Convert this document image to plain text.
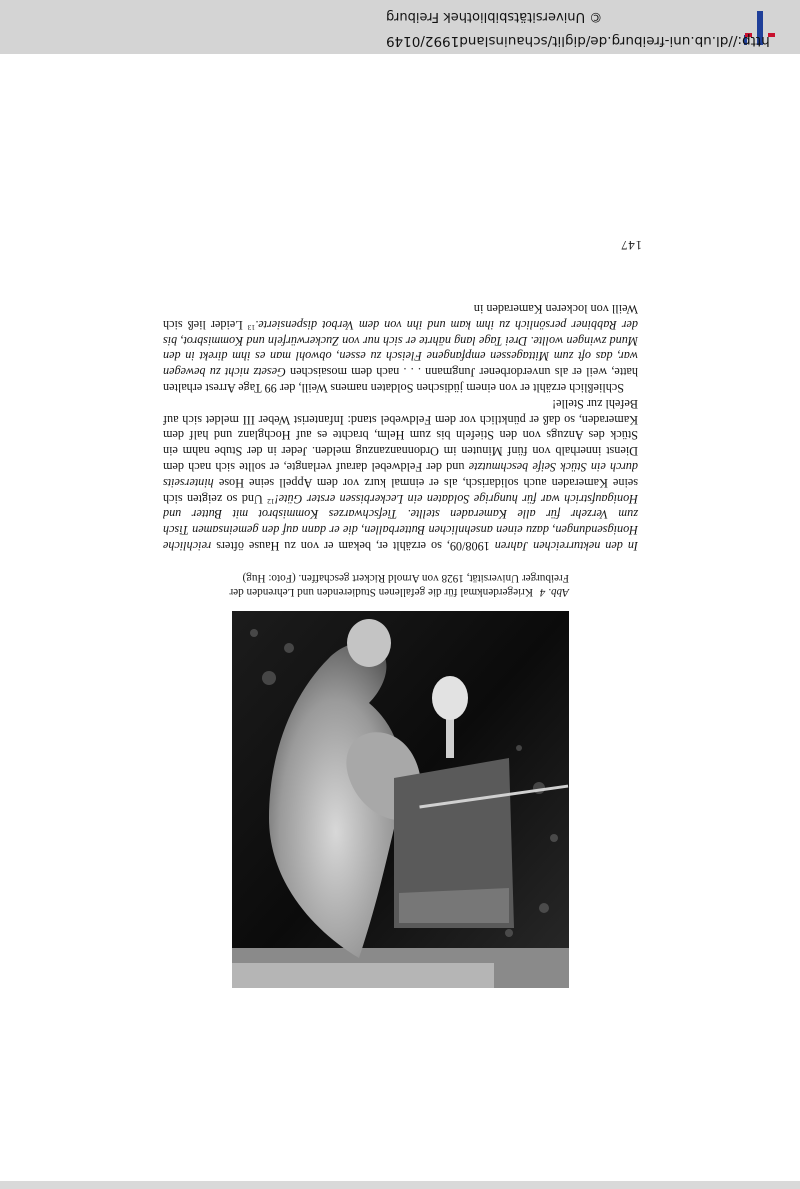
Abb. 4 Kriegerdenkmal für die gefallenen Studierenden und Lehrenden der Freiburger Universität, 1928 von Arnold Rickert geschaffen. (Foto: Hug)

In den nekturreichen Jahren 1908/09, so erzählt er, bekam er von zu Hause öfters reichliche Honigsendungen, dazu einen ansehnlichen Butterballen, die er dann auf den gemeinsamen Tisch zum Verzehr für alle Kameraden stellte. Tiefschwarzes Kommisbrot mit Butter und Honigaufstrich war für hungrige Soldaten ein Leckerbissen erster Güte!$^{12}$ Und so zeigten sich seine Kameraden auch solidarisch, als er einmal kurz vor dem Appell seine Hose hinterseits durch ein Stück Seife beschmutzte und der Feldwebel darauf verlangte, er sollte sich nach dem Dienst innerhalb von fünf Minuten im Ordonnanzanzug melden. Jeder in der Stube nahm ein Stück des Anzugs von den Stiefeln bis zum Helm, brachte es auf Hochglanz und half dem Kameraden, so daß er pünktlich vor dem Feldwebel stand: Infanterist Weber III meldet sich auf Befehl zur Stelle!

Schließlich erzählt er von einem jüdischen Soldaten namens Weill, der 99 Tage Arrest erhalten hatte, weil er als unverdorbener Jungmann . . . nach dem mosaischen Gesetz nicht zu bewegen war, das oft zum Mittagessen empfangene Fleisch zu essen, obwohl man es ihm direkt in den Mund zwingen wollte. Drei Tage lang nährte er sich nur von Zuckerwürfeln und Kommisbrot, bis der Rabbiner persönlich zu ihm kam und ihn von dem Verbot dispensierte.$^{13}$ Leider ließ sich Weill von lockeren Kameraden in

147
http://dl.ub.uni-freiburg.de/diglit/schauinsland1992/0149
© Universitätsbibliothek Freiburg
